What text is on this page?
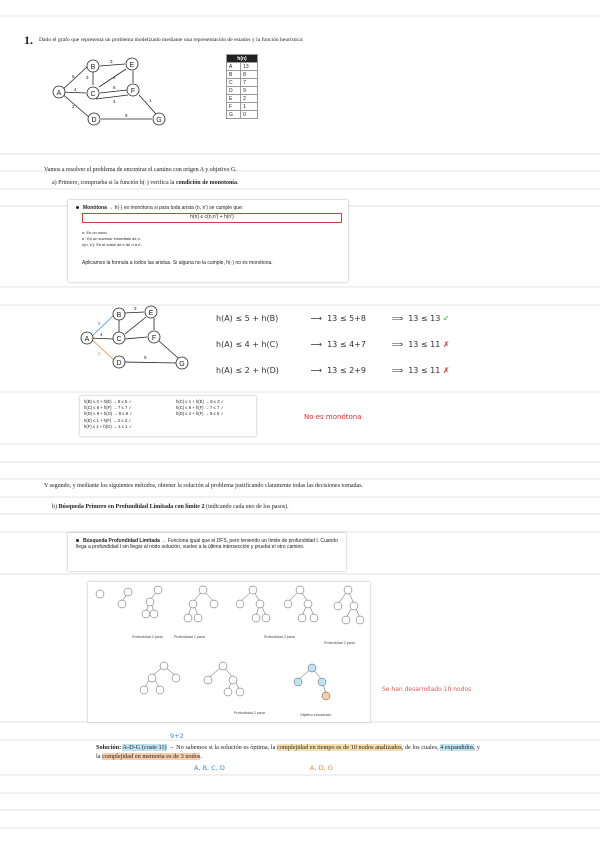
1. Dado el grafo que representa un problema modelizado mediante una representación de estados y la función heurística:
A
B
C
D
E
F
G
5
3
4
2
6
3	4
4	1
9
h(n)	
A	13
B	8
C	7
D	9
E	2
F	1
G	0
Vamos a resolver el problema de encontrar el camino con origen A y objetivo G.
a) Primero, comprueba si la función h(·) verifica la condición de monotonía.
Monótona → h(·) es monótona si para toda arista (n, n') se cumple que:
h(n) ≤ c(n,n') + h(n')
n: Es un nodo.
n': Es un sucesor inmediato de n.
c(n, n'): Es el coste de ir de n a n'.
Aplicamos la formula a todos las aristas. Si alguna no la cumple, h(·) no es monótona.
A
B
C
D
E
F
G
5
4
2
3
9
h(A) ≤ 5 + h(B)	⟶ 13 ≤ 5+8	⟹ 13 ≤ 13 ✓
h(A) ≤ 4 + h(C)	⟶ 13 ≤ 4+7	⟹ 13 ≤ 11 ✗
h(A) ≤ 2 + h(D)	⟶ 13 ≤ 2+9	⟹ 13 ≤ 11 ✗
h(B) ≤ 3 + h(E) → 8 ≤ 5 ✓
h(C) ≤ 6 + h(F) → 7 ≤ 7 ✓
h(D) ≤ 9 + h(G) → 9 ≤ 9 ✓
h(E) ≤ 1 + h(F) → 2 ≤ 2 ✓
h(F) ≤ 1 + h(G) → 1 ≤ 1 ✓
h(C) ≤ 1 + h(E) → 8 ≤ 3 ✓
h(C) ≤ 6 + h(F) → 7 ≤ 7 ✓
h(D) ≤ 4 + h(F) → 9 ≤ 5 ✓	No es monótona
Y segundo, y mediante los siguientes métodos, obtener la solución al problema justificando claramente todas las decisiones tomadas.
b) Búsqueda Primero en Profundidad Limitada con límite 2 (indicando cada uno de los pasos).
Búsqueda Profundidad Limitada → Funciona igual que el DFS, pero teniendo un límite de profundidad l. Cuando llega a profundidad l sin llegar al nodo solución, vuelve a la última intersección y prueba el otro camino.
Profundidad 2 parar	Profundidad 2 parar	Profundidad 2 parar
Profundidad 2 parar
Profundidad 2 parar	Objetivo encontrado
Se han desarrollado 10 nodos
9+2
Solución: A-D-G (coste 11) → No sabemos si la solución es óptima, la complejidad en tiempo es de 10 nodos analizados, de los cuales, 4 expandidos, y la complejidad en memoria es de 3 nodos.
A, B, C, D	A, D, G
